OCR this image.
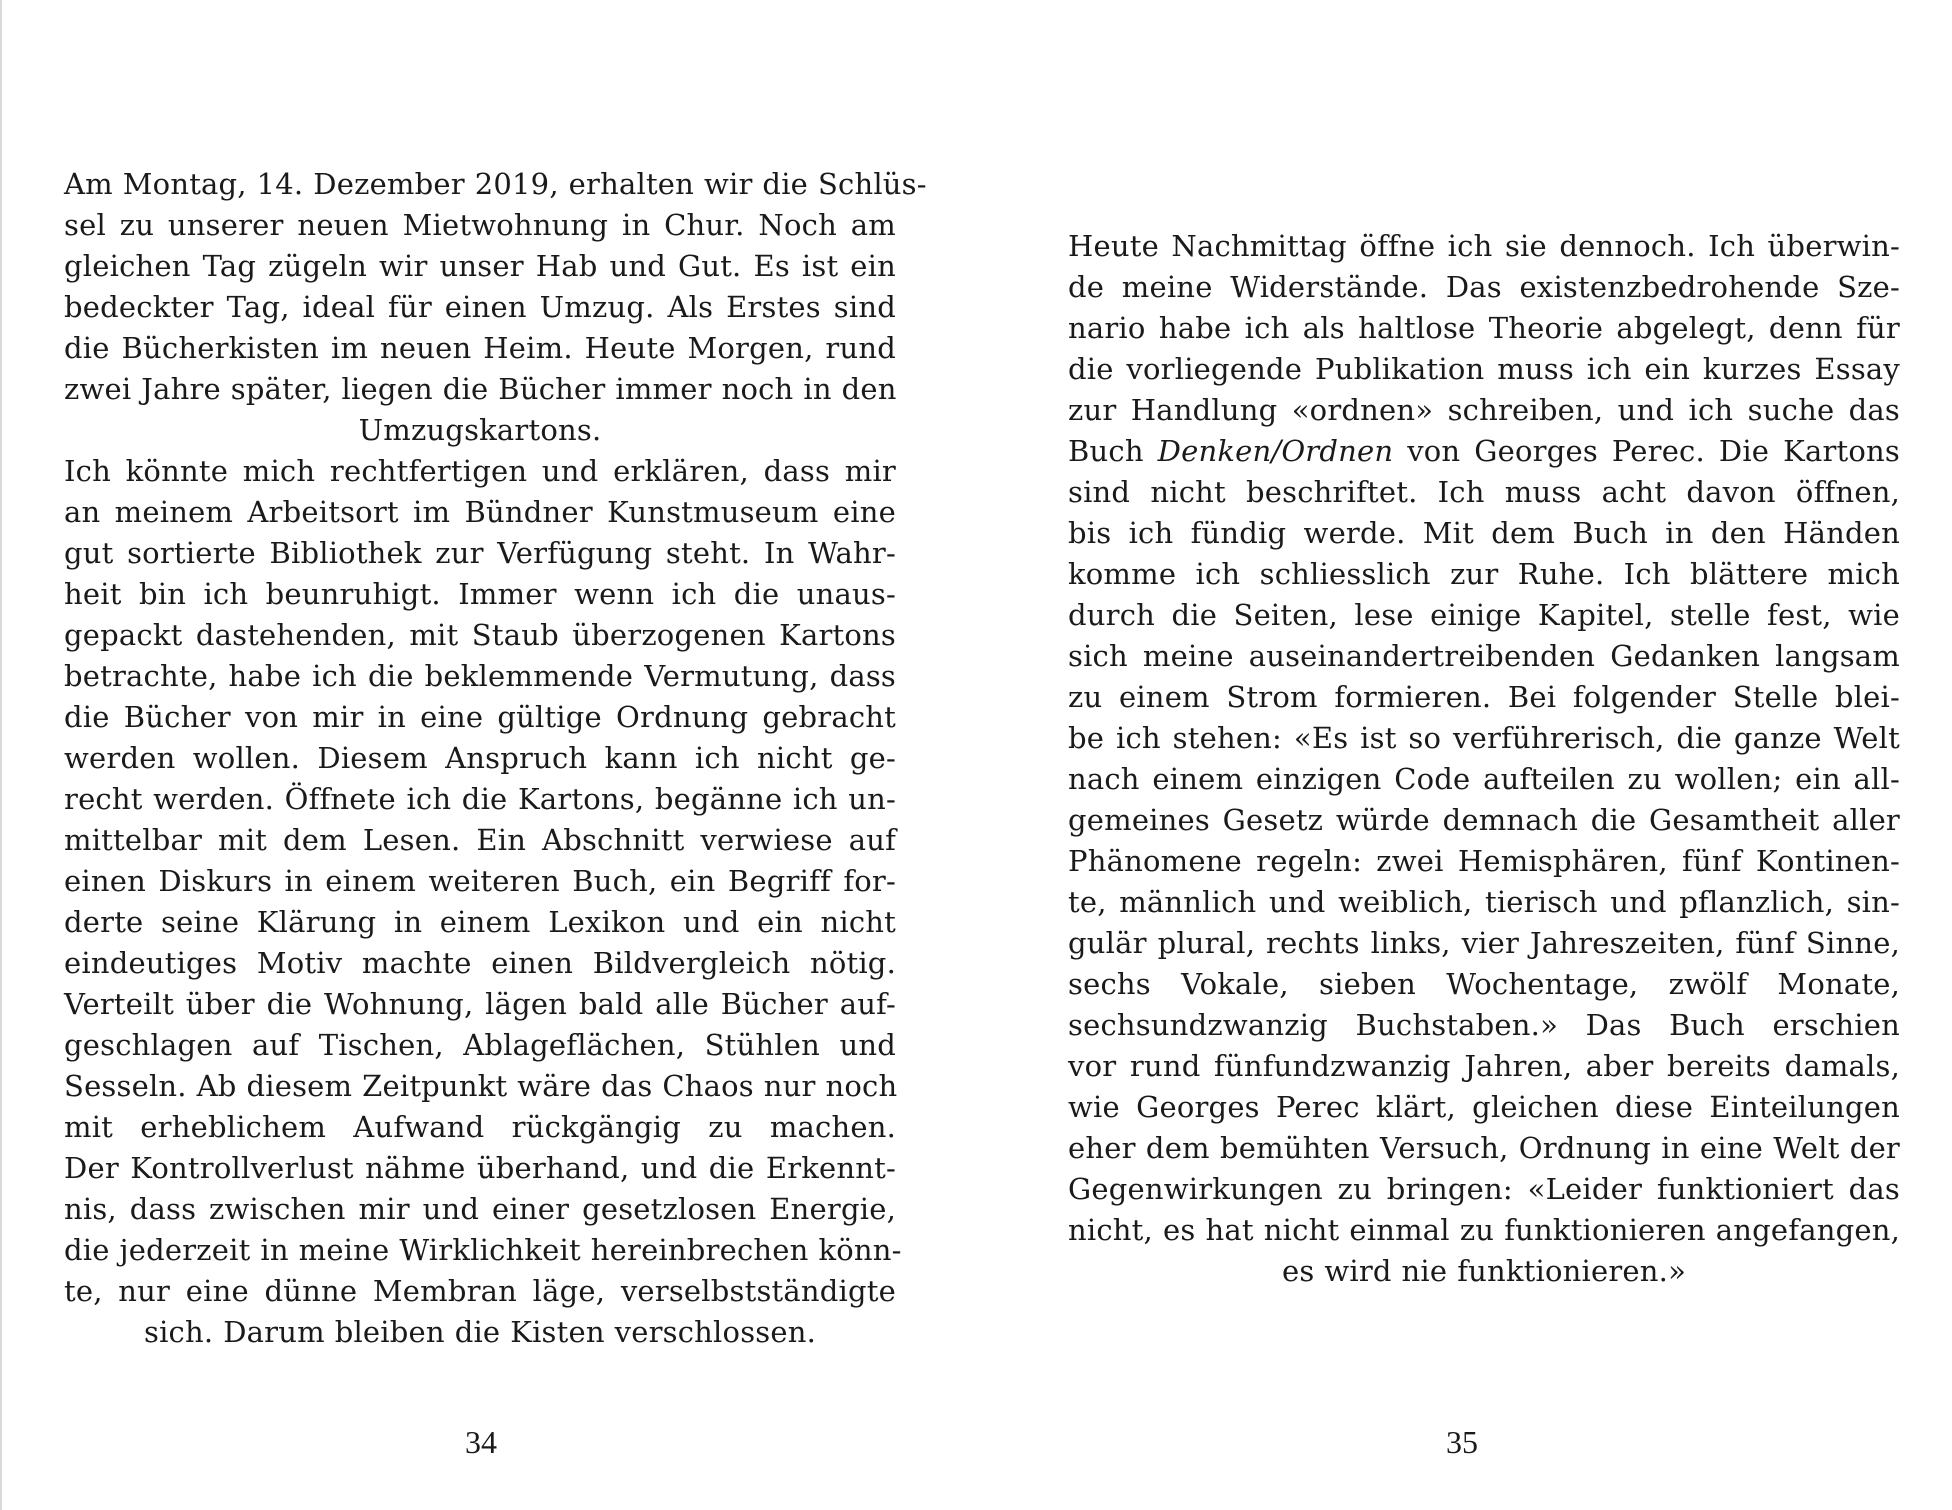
Am Montag, 14. Dezember 2019, erhalten wir die Schlüs-
sel zu unserer neuen Mietwohnung in Chur. Noch am
gleichen Tag zügeln wir unser Hab und Gut. Es ist ein
bedeckter Tag, ideal für einen Umzug. Als Erstes sind
die Bücherkisten im neuen Heim. Heute Morgen, rund
zwei Jahre später, liegen die Bücher immer noch in den
Umzugskartons.
Ich könnte mich rechtfertigen und erklären, dass mir
an meinem Arbeitsort im Bündner Kunstmuseum eine
gut sortierte Bibliothek zur Verfügung steht. In Wahr-
heit bin ich beunruhigt. Immer wenn ich die unaus-
gepackt dastehenden, mit Staub überzogenen Kartons
betrachte, habe ich die beklemmende Vermutung, dass
die Bücher von mir in eine gültige Ordnung gebracht
werden wollen. Diesem Anspruch kann ich nicht ge-
recht werden. Öffnete ich die Kartons, begänne ich un-
mittelbar mit dem Lesen. Ein Abschnitt verwiese auf
einen Diskurs in einem weiteren Buch, ein Begriff for-
derte seine Klärung in einem Lexikon und ein nicht
eindeutiges Motiv machte einen Bildvergleich nötig.
Verteilt über die Wohnung, lägen bald alle Bücher auf-
geschlagen auf Tischen, Ablageflächen, Stühlen und
Sesseln. Ab diesem Zeitpunkt wäre das Chaos nur noch
mit erheblichem Aufwand rückgängig zu machen.
Der Kontrollverlust nähme überhand, und die Erkennt-
nis, dass zwischen mir und einer gesetzlosen Energie,
die jederzeit in meine Wirklichkeit hereinbrechen könn-
te, nur eine dünne Membran läge, verselbstständigte
sich. Darum bleiben die Kisten verschlossen.
34
Heute Nachmittag öffne ich sie dennoch. Ich überwin-
de meine Widerstände. Das existenzbedrohende Sze-
nario habe ich als haltlose Theorie abgelegt, denn für
die vorliegende Publikation muss ich ein kurzes Essay
zur Handlung «ordnen» schreiben, und ich suche das
Buch Denken/Ordnen von Georges Perec. Die Kartons
sind nicht beschriftet. Ich muss acht davon öffnen,
bis ich fündig werde. Mit dem Buch in den Händen
komme ich schliesslich zur Ruhe. Ich blättere mich
durch die Seiten, lese einige Kapitel, stelle fest, wie
sich meine auseinandertreibenden Gedanken langsam
zu einem Strom formieren. Bei folgender Stelle blei-
be ich stehen: «Es ist so verführerisch, die ganze Welt
nach einem einzigen Code aufteilen zu wollen; ein all-
gemeines Gesetz würde demnach die Gesamtheit aller
Phänomene regeln: zwei Hemisphären, fünf Kontinen-
te, männlich und weiblich, tierisch und pflanzlich, sin-
gulär plural, rechts links, vier Jahreszeiten, fünf Sinne,
sechs Vokale, sieben Wochentage, zwölf Monate,
sechsundzwanzig Buchstaben.» Das Buch erschien
vor rund fünfundzwanzig Jahren, aber bereits damals,
wie Georges Perec klärt, gleichen diese Einteilungen
eher dem bemühten Versuch, Ordnung in eine Welt der
Gegenwirkungen zu bringen: «Leider funktioniert das
nicht, es hat nicht einmal zu funktionieren angefangen,
es wird nie funktionieren.»
35
